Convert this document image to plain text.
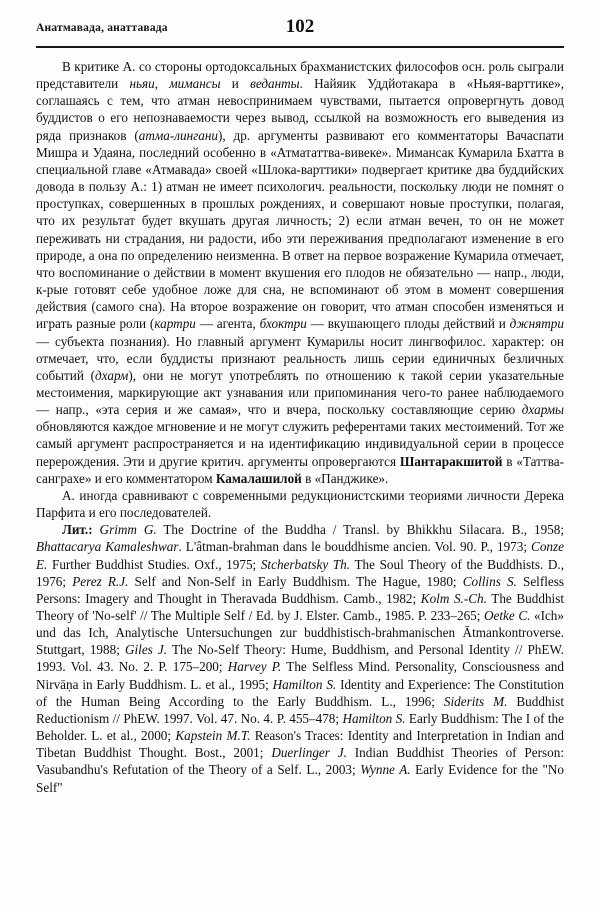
Анатмавада, анаттавада	102

В критике А. со стороны ортодоксальных брахманистских философов осн. роль сыграли представители ньяи, мимансы и веданты. Найяик Уддйотакара в «Ньяя-варттике», соглашаясь с тем, что атман невоспринимаем чувствами, пытается опровергнуть довод буддистов о его непознаваемости через вывод, ссылкой на возможность его выведения из ряда признаков (атма-лингани), др. аргументы развивают его комментаторы Вачаспати Мишра и Удаяна, последний особенно в «Атмататтва-вивеке». Мимансак Кумарила Бхатта в специальной главе «Атмавада» своей «Шлока-варттики» подвергает критике два буддийских довода в пользу А.: 1) атман не имеет психологич. реальности, поскольку люди не помнят о проступках, совершенных в прошлых рождениях, и совершают новые проступки, полагая, что их результат будет вкушать другая личность; 2) если атман вечен, то он не может переживать ни страдания, ни радости, ибо эти переживания предполагают изменение в его природе, а она по определению неизменна. В ответ на первое возражение Кумарила отмечает, что воспоминание о действии в момент вкушения его плодов не обязательно — напр., люди, к-рые готовят себе удобное ложе для сна, не вспоминают об этом в момент совершения действия (самого сна). На второе возражение он говорит, что атман способен изменяться и играть разные роли (картри — агента, бхоктри — вкушающего плоды действий и джняmpu — субъекта познания). Но главный аргумент Кумарилы носит лингвофилос. характер: он отмечает, что, если буддисты признают реальность лишь серии единичных безличных событий (дхарм), они не могут употреблять по отношению к такой серии указательные местоимения, маркирующие акт узнавания или припоминания чего-то ранее наблюдаемого — напр., «эта серия и же самая», что и вчера, поскольку составляющие серию дхармы обновляются каждое мгновение и не могут служить референтами таких местоимений. Тот же самый аргумент распространяется и на идентификацию индивидуальной серии в процессе перерождения. Эти и другие критич. аргументы опровергаются Шантаракшитой в «Таттва-санграхе» и его комментатором Камалашилой в «Панджике».

А. иногда сравнивают с современными редукционистскими теориями личности Дерека Парфита и его последователей.

Лит.: Grimm G. The Doctrine of the Buddha / Transl. by Bhikkhu Silacara. B., 1958; Bhattacarya Kamaleshwar. L'âtman-brahman dans le bouddhisme ancien. Vol. 90. P., 1973; Conze E. Further Buddhist Studies. Oxf., 1975; Stcherbatsky Th. The Soul Theory of the Buddhists. D., 1976; Perez R.J. Self and Non-Self in Early Buddhism. The Hague, 1980; Collins S. Selfless Persons: Imagery and Thought in Theravada Buddhism. Camb., 1982; Kolm S.-Ch. The Buddhist Theory of 'No-self' // The Multiple Self / Ed. by J. Elster. Camb., 1985. P. 233–265; Oetke C. «Ich» und das Ich, Analytische Untersuchungen zur buddhistisch-brahmanischen Ātmankontroverse. Stuttgart, 1988; Giles J. The No-Self Theory: Hume, Buddhism, and Personal Identity // PhEW. 1993. Vol. 43. No. 2. P. 175–200; Harvey P. The Selfless Mind. Personality, Consciousness and Nirvāṇa in Early Buddhism. L. et al., 1995; Hamilton S. Identity and Experience: The Constitution of the Human Being According to the Early Buddhism. L., 1996; Siderits M. Buddhist Reductionism // PhEW. 1997. Vol. 47. No. 4. P. 455–478; Hamilton S. Early Buddhism: The I of the Beholder. L. et al., 2000; Kapstein M.T. Reason's Traces: Identity and Interpretation in Indian and Tibetan Buddhist Thought. Bost., 2001; Duerlinger J. Indian Buddhist Theories of Person: Vasubandhu's Refutation of the Theory of a Self. L., 2003; Wynne A. Early Evidence for the "No Self"
